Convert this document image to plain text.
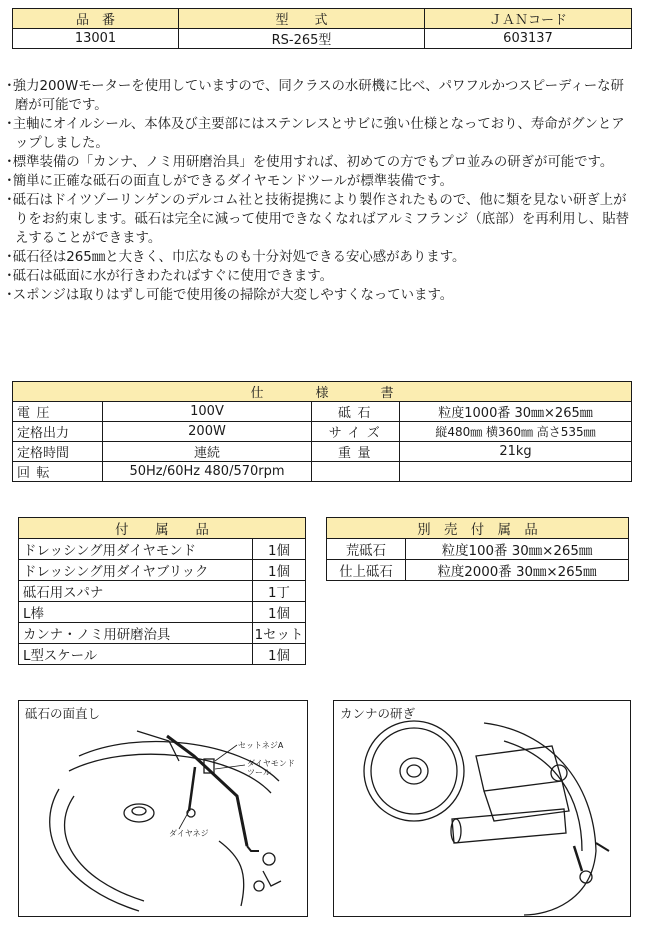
品　番	型　　式	ＪＡＮコード
13001	RS-265型	603137
･強力200Wモーターを使用していますので、同クラスの水研機に比べ、パワフルかつスピーディーな研磨が可能です。
･主軸にオイルシール、本体及び主要部にはステンレスとサビに強い仕様となっており、寿命がグンとアップしました。
･標準装備の「カンナ、ノミ用研磨治具」を使用すれば、初めての方でもプロ並みの研ぎが可能です。
･簡単に正確な砥石の面直しができるダイヤモンドツールが標準装備です。
･砥石はドイツゾーリンゲンのデルコム社と技術提携により製作されたもので、他に類を見ない研ぎ上がりをお約束します。砥石は完全に減って使用できなくなればアルミフランジ（底部）を再利用し、貼替えすることができます。
･砥石径は265㎜と大きく、巾広なものも十分対処できる安心感があります。
･砥石は砥面に水が行きわたればすぐに使用できます。
･スポンジは取りはずし可能で使用後の掃除が大変しやすくなっています。
仕　　　　様　　　　書			
電圧	100V	砥石	粒度1000番 30㎜×265㎜
定格出力	200W	サイズ	縦480㎜ 横360㎜ 高さ535㎜
定格時間	連続	重量	21kg
回転	50Hz/60Hz 480/570rpm		
付　　属　　品	
ドレッシング用ダイヤモンド	1個
ドレッシング用ダイヤブリック	1個
砥石用スパナ	1丁
L棒	1個
カンナ・ノミ用研磨治具	1セット
L型スケール	1個
別　売　付　属　品	
荒砥石	粒度100番 30㎜×265㎜
仕上砥石	粒度2000番 30㎜×265㎜
砥石の面直し
セットネジA
ダイヤモンド
ツール
ダイヤネジ
カンナの研ぎ
